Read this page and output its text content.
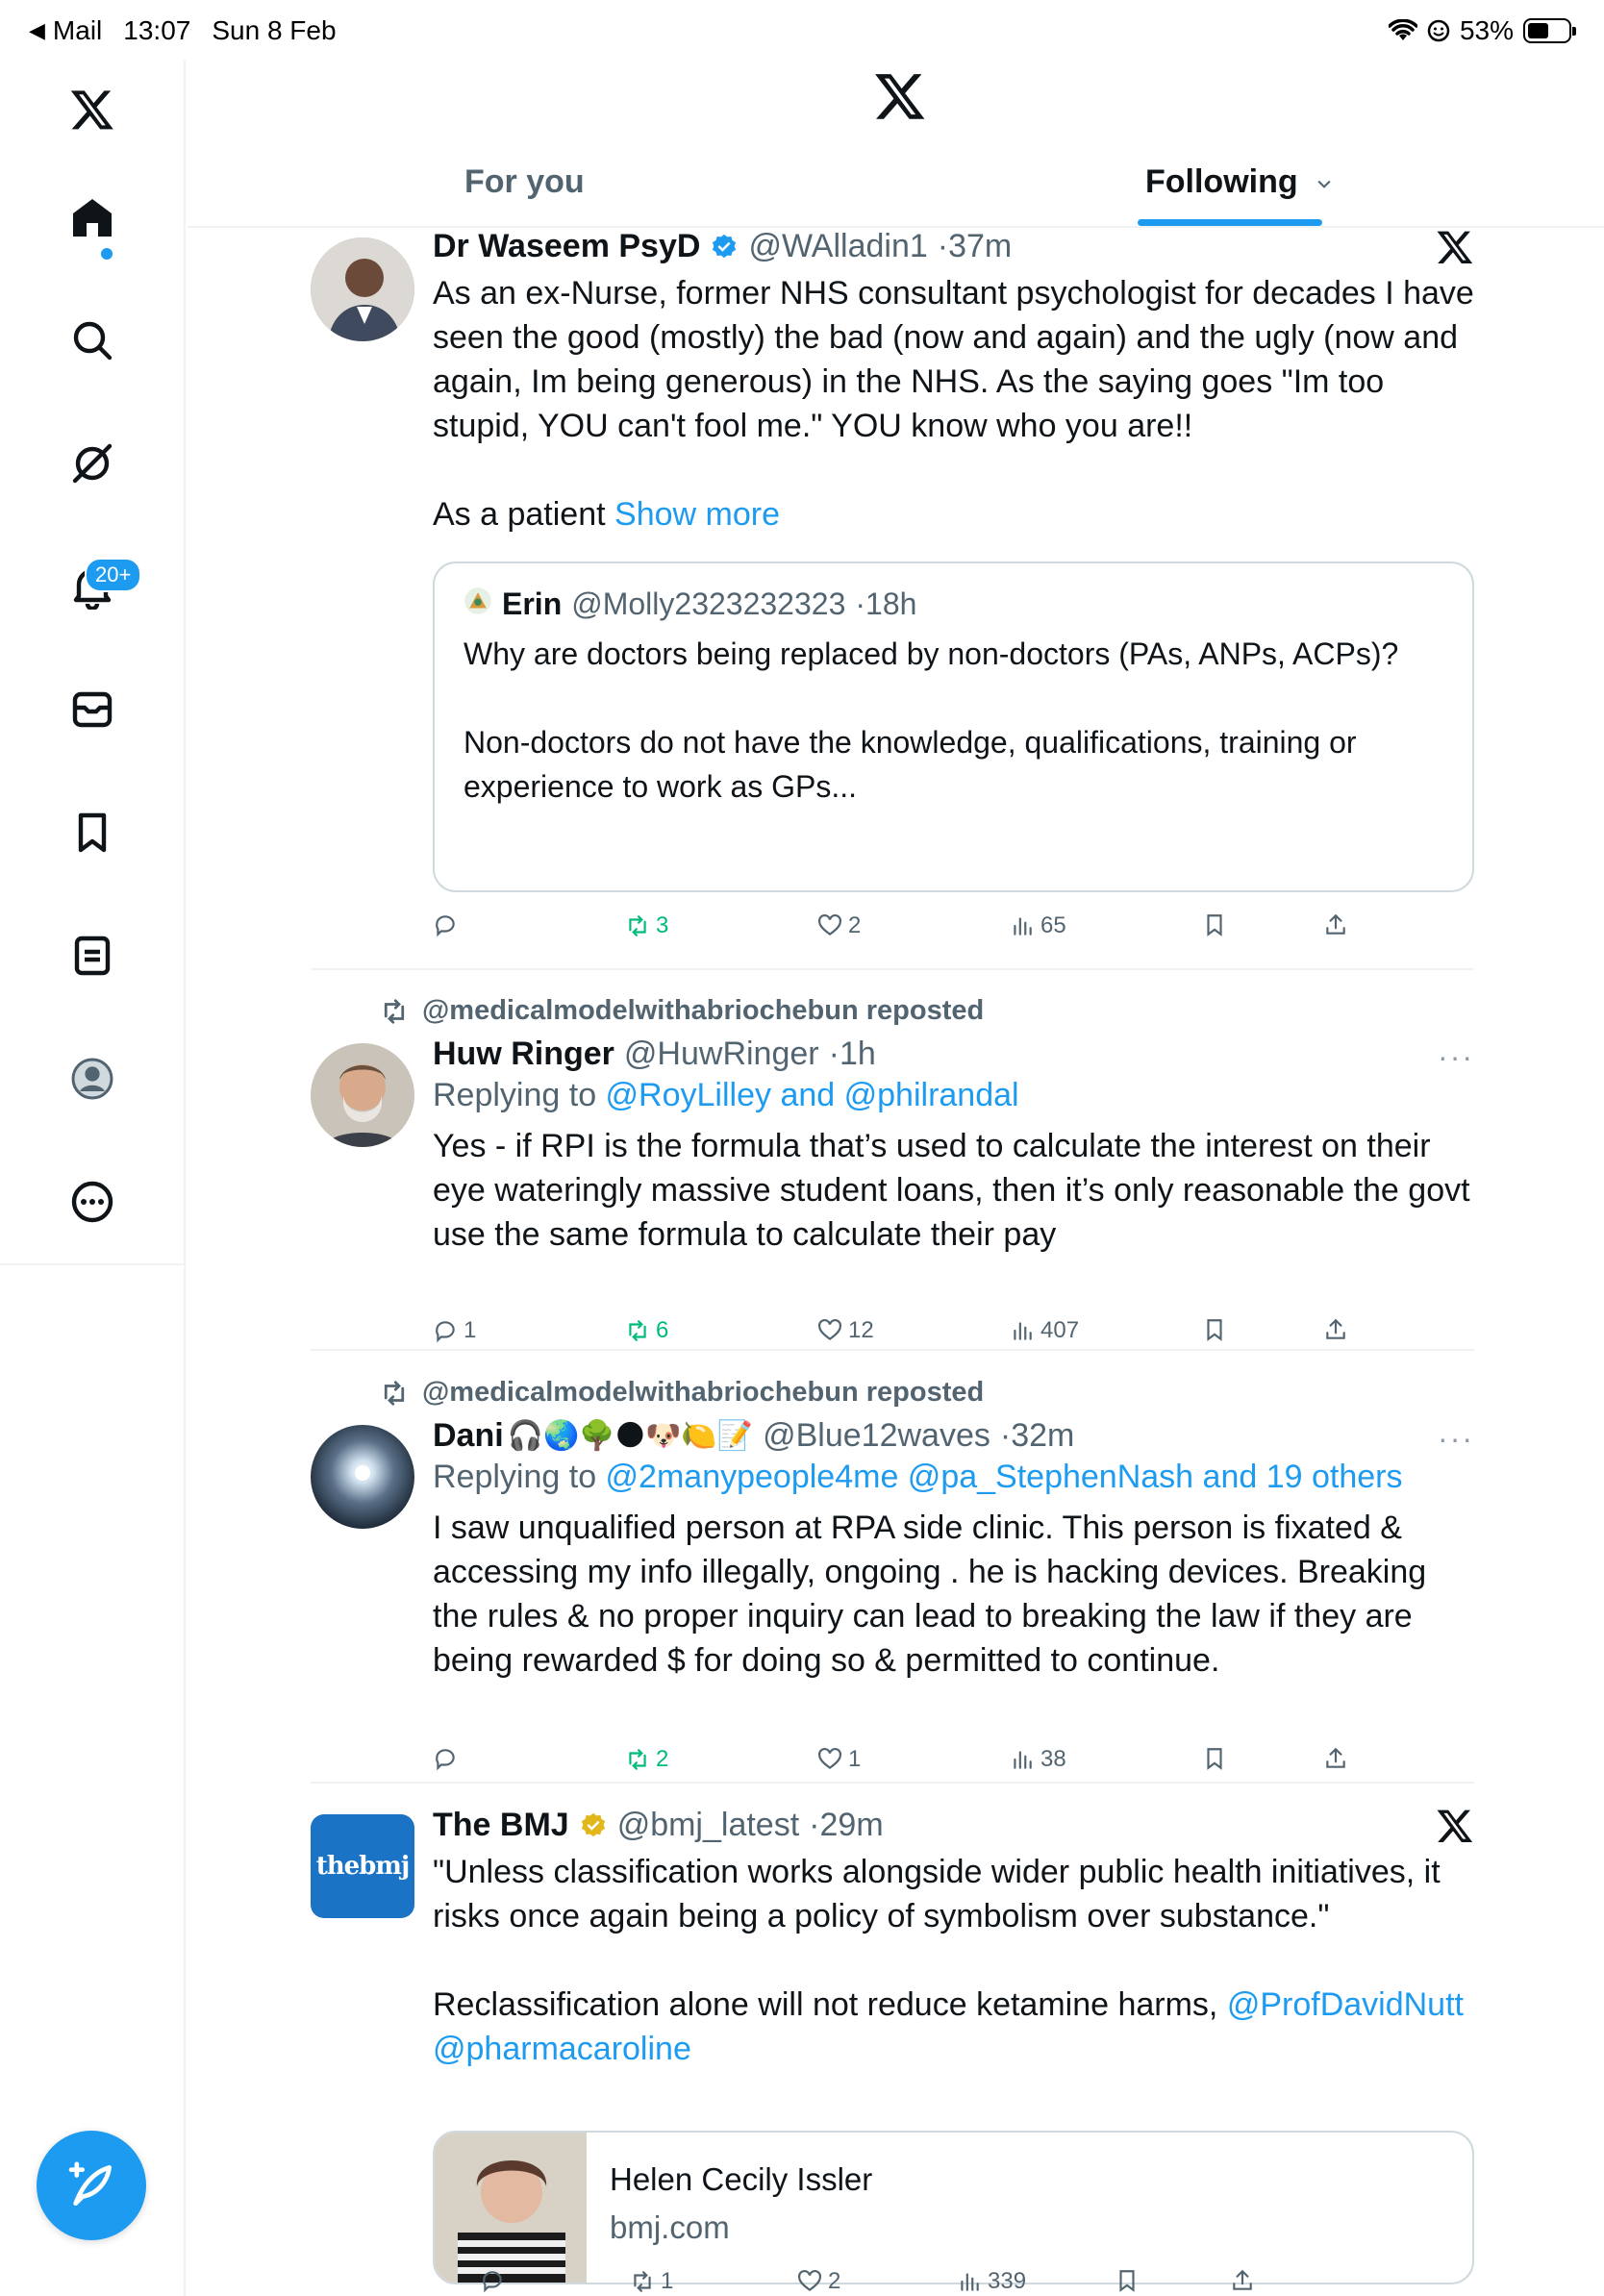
◀ Mail 13:07 Sun 8 Feb	53%
20+
For you	Following
Dr Waseem PsyD @WAlladin1 · 37m
As an ex-Nurse, former NHS consultant psychologist for decades I have seen the good (mostly) the bad (now and again) and the ugly (now and again, Im being generous) in the NHS. As the saying goes "Im too stupid, YOU can't fool me." YOU know who you are!!
As a patient Show more
Erin @Molly2323232323 · 18h
Why are doctors being replaced by non-doctors (PAs, ANPs, ACPs)?
Non-doctors do not have the knowledge, qualifications, training or experience to work as GPs...
3	2	65
@medicalmodelwithabriochebun reposted
Huw Ringer @HuwRinger · 1h
Replying to @RoyLilley and @philrandal
Yes - if RPI is the formula that’s used to calculate the interest on their eye wateringly massive student loans, then it’s only reasonable the govt use the same formula to calculate their pay
···
1	6	12	407
@medicalmodelwithabriochebun reposted
Dani 🎧🌏🌳🌑🐶🍋📝 @Blue12waves · 32m
Replying to @2manypeople4me @pa_StephenNash and 19 others
I saw unqualified person at RPA side clinic. This person is fixated & accessing my info illegally, ongoing . he is hacking devices. Breaking the rules & no proper inquiry can lead to breaking the law if they are being rewarded $ for doing so & permitted to continue.
···
2	1	38
thebmj
The BMJ @bmj_latest · 29m
"Unless classification works alongside wider public health initiatives, it risks once again being a policy of symbolism over substance."
Reclassification alone will not reduce ketamine harms, @ProfDavidNutt @pharmacaroline
Helen Cecily Issler
bmj.com
1	2	339
